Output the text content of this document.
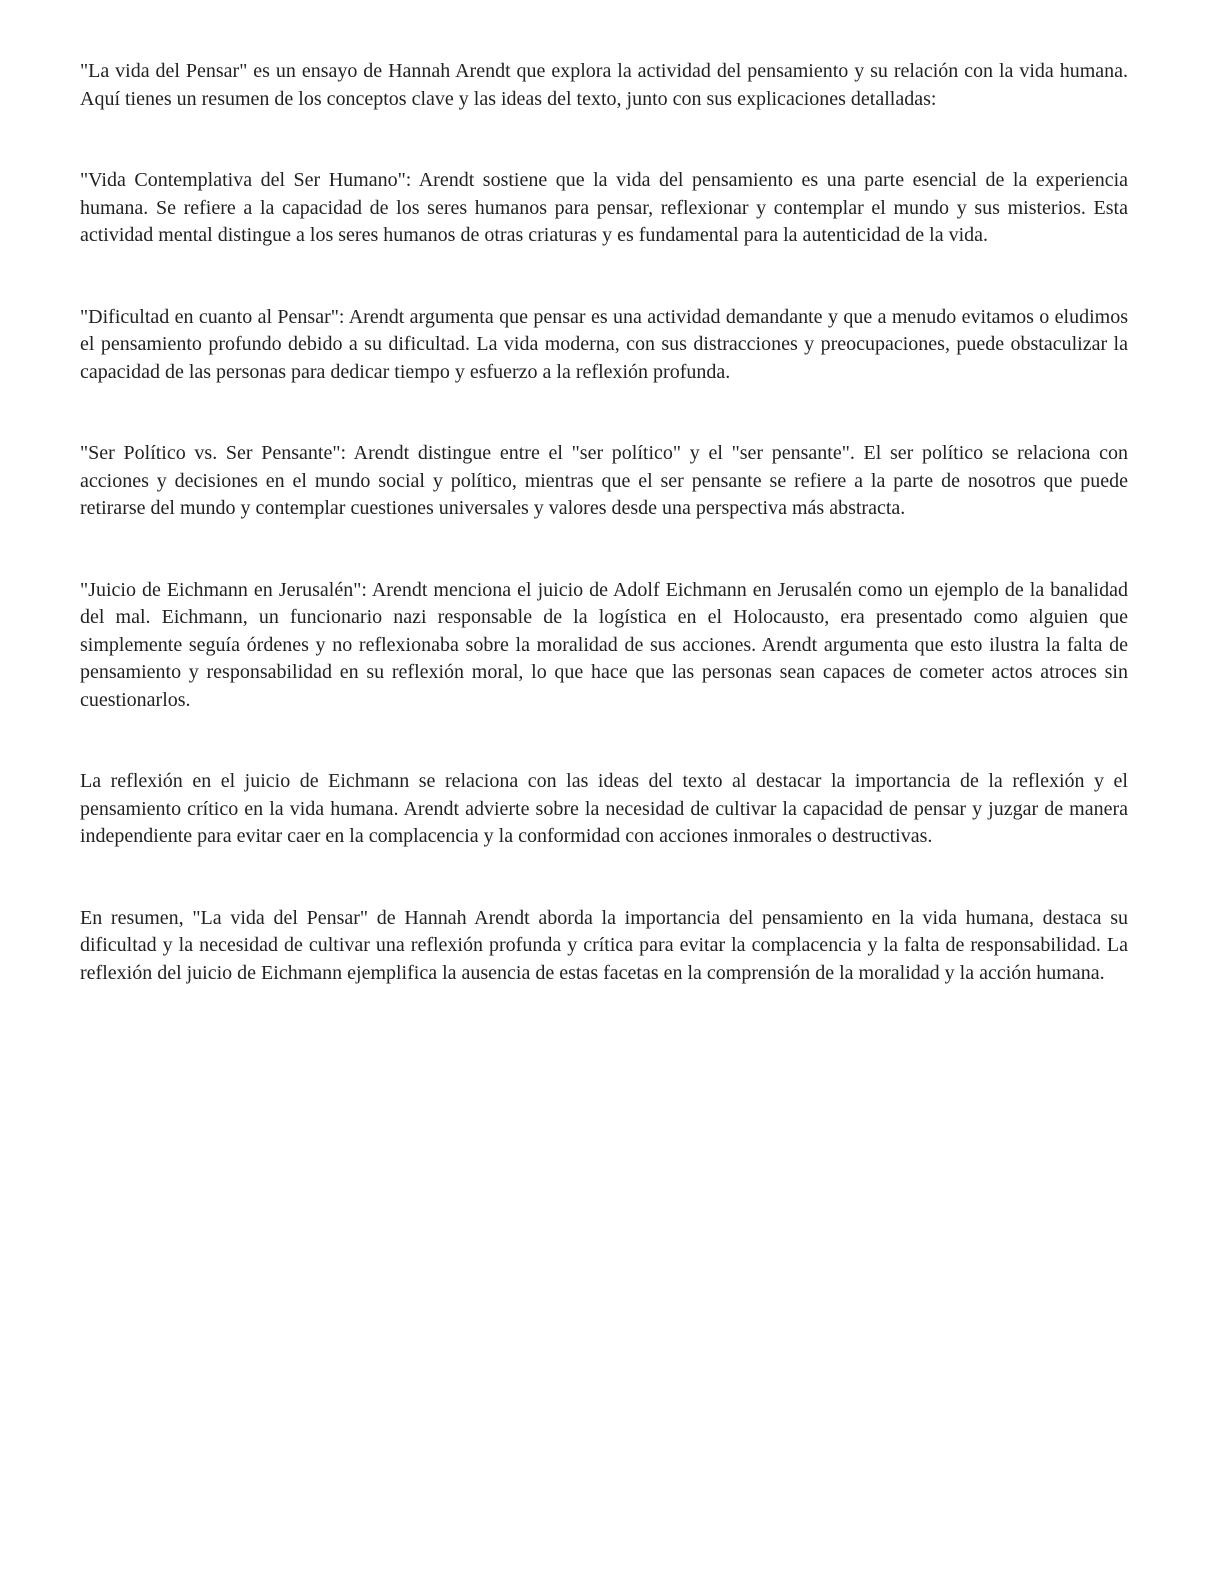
"La vida del Pensar" es un ensayo de Hannah Arendt que explora la actividad del pensamiento y su relación con la vida humana. Aquí tienes un resumen de los conceptos clave y las ideas del texto, junto con sus explicaciones detalladas:

"Vida Contemplativa del Ser Humano": Arendt sostiene que la vida del pensamiento es una parte esencial de la experiencia humana. Se refiere a la capacidad de los seres humanos para pensar, reflexionar y contemplar el mundo y sus misterios. Esta actividad mental distingue a los seres humanos de otras criaturas y es fundamental para la autenticidad de la vida.

"Dificultad en cuanto al Pensar": Arendt argumenta que pensar es una actividad demandante y que a menudo evitamos o eludimos el pensamiento profundo debido a su dificultad. La vida moderna, con sus distracciones y preocupaciones, puede obstaculizar la capacidad de las personas para dedicar tiempo y esfuerzo a la reflexión profunda.

"Ser Político vs. Ser Pensante": Arendt distingue entre el "ser político" y el "ser pensante". El ser político se relaciona con acciones y decisiones en el mundo social y político, mientras que el ser pensante se refiere a la parte de nosotros que puede retirarse del mundo y contemplar cuestiones universales y valores desde una perspectiva más abstracta.

"Juicio de Eichmann en Jerusalén": Arendt menciona el juicio de Adolf Eichmann en Jerusalén como un ejemplo de la banalidad del mal. Eichmann, un funcionario nazi responsable de la logística en el Holocausto, era presentado como alguien que simplemente seguía órdenes y no reflexionaba sobre la moralidad de sus acciones. Arendt argumenta que esto ilustra la falta de pensamiento y responsabilidad en su reflexión moral, lo que hace que las personas sean capaces de cometer actos atroces sin cuestionarlos.

La reflexión en el juicio de Eichmann se relaciona con las ideas del texto al destacar la importancia de la reflexión y el pensamiento crítico en la vida humana. Arendt advierte sobre la necesidad de cultivar la capacidad de pensar y juzgar de manera independiente para evitar caer en la complacencia y la conformidad con acciones inmorales o destructivas.

En resumen, "La vida del Pensar" de Hannah Arendt aborda la importancia del pensamiento en la vida humana, destaca su dificultad y la necesidad de cultivar una reflexión profunda y crítica para evitar la complacencia y la falta de responsabilidad. La reflexión del juicio de Eichmann ejemplifica la ausencia de estas facetas en la comprensión de la moralidad y la acción humana.
